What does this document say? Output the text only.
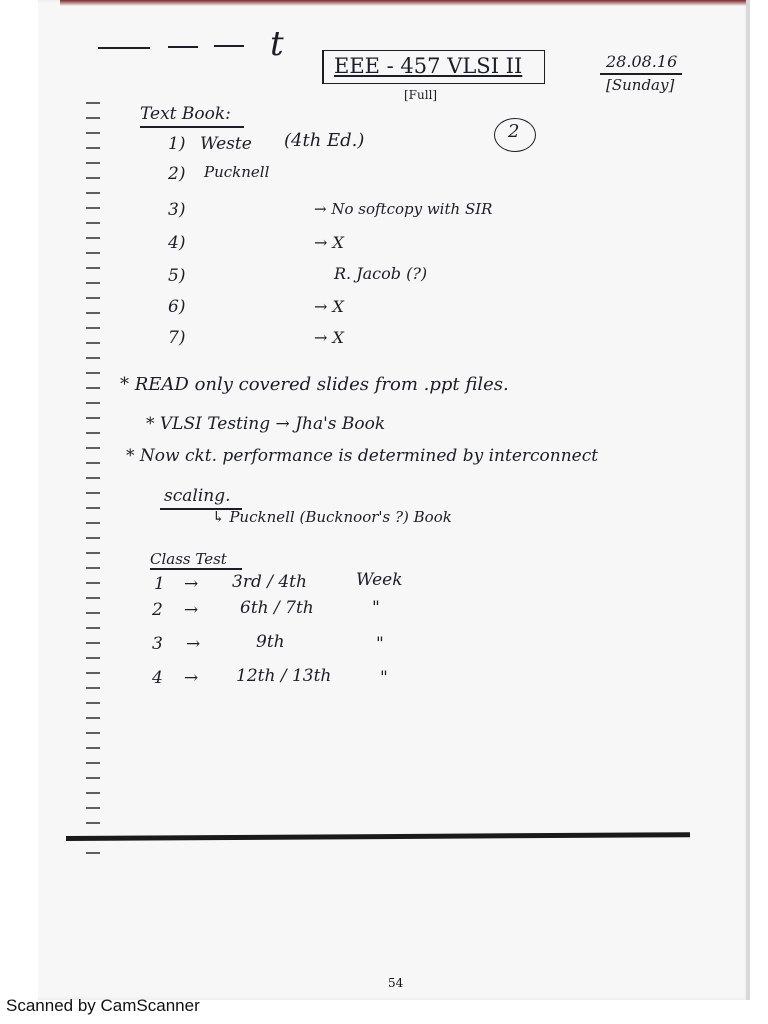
t
EEE - 457 VLSI II
[Full]
28.08.16
[Sunday]
Text Book:
2
1) Weste (4th Ed.)
2) Pucknell
3)	→ No softcopy with SIR
4)	→ X
5)	R. Jacob (?)
6)	→ X
7)	→ X
* READ only covered slides from .ppt files.
* VLSI Testing → Jha's Book
* Now ckt. performance is determined by interconnect
scaling.
↳ Pucknell (Bucknoor's ?) Book
Class Test
1 → 3rd / 4th	Week
2 → 6th / 7th	"
3 →	9th	"
4 → 12th / 13th	"
54
Scanned by CamScanner
